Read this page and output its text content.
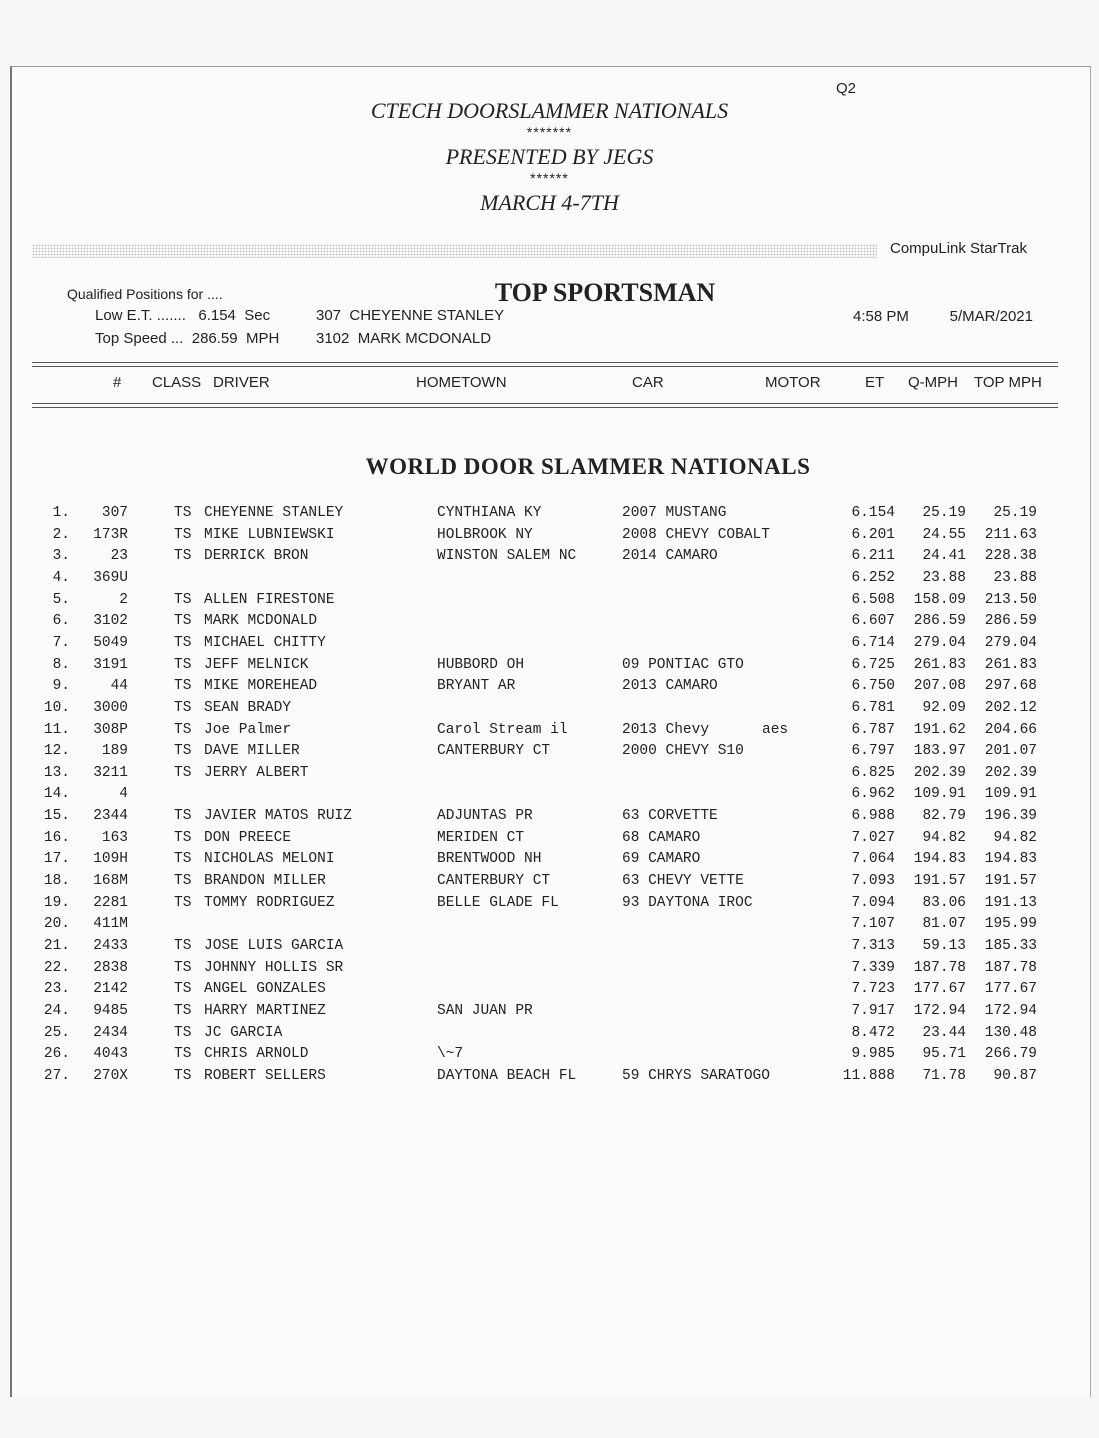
Q2
CTECH DOORSLAMMER NATIONALS
*******
PRESENTED BY JEGS
******
MARCH 4-7TH
CompuLink StarTrak
TOP SPORTSMAN
Qualified Positions for ....
Low E.T. .......   6.154  Sec	307  CHEYENNE STANLEY
Top Speed ...  286.59  MPH 3102  MARK MCDONALD
4:58 PM	5/MAR/2021
# CLASS DRIVER	HOMETOWN	CAR	MOTOR	ET Q-MPH TOP MPH
WORLD DOOR SLAMMER NATIONALS
1.	307	TS CHEYENNE STANLEY	CYNTHIANA KY	2007 MUSTANG	6.154	25.19	25.19
2.	173R	TS MIKE LUBNIEWSKI	HOLBROOK NY	2008 CHEVY COBALT	6.201	24.55	211.63
3.	23	TS DERRICK BRON	WINSTON SALEM NC	2014 CAMARO	6.211	24.41	228.38
4.	369U	6.252	23.88	23.88
5.	2	TS ALLEN FIRESTONE	6.508	158.09	213.50
6.	3102	TS MARK MCDONALD	6.607	286.59	286.59
7.	5049	TS MICHAEL CHITTY	6.714	279.04	279.04
8.	3191	TS JEFF MELNICK	HUBBORD OH	09 PONTIAC GTO	6.725	261.83	261.83
9.	44	TS MIKE MOREHEAD	BRYANT AR	2013 CAMARO	6.750	207.08	297.68
10.	3000	TS SEAN BRADY	6.781	92.09	202.12
11.	308P	TS Joe Palmer	Carol Stream il	2013 Chevy	aes	6.787	191.62	204.66
12.	189	TS DAVE MILLER	CANTERBURY CT	2000 CHEVY S10	6.797	183.97	201.07
13.	3211	TS JERRY ALBERT	6.825	202.39	202.39
14.	4	6.962	109.91	109.91
15.	2344	TS JAVIER MATOS RUIZ	ADJUNTAS PR	63 CORVETTE	6.988	82.79	196.39
16.	163	TS DON PREECE	MERIDEN CT	68 CAMARO	7.027	94.82	94.82
17.	109H	TS NICHOLAS MELONI	BRENTWOOD NH	69 CAMARO	7.064	194.83	194.83
18.	168M	TS BRANDON MILLER	CANTERBURY CT	63 CHEVY VETTE	7.093	191.57	191.57
19.	2281	TS TOMMY RODRIGUEZ	BELLE GLADE FL	93 DAYTONA IROC	7.094	83.06	191.13
20.	411M	7.107	81.07	195.99
21.	2433	TS JOSE LUIS GARCIA	7.313	59.13	185.33
22.	2838	TS JOHNNY HOLLIS SR	7.339	187.78	187.78
23.	2142	TS ANGEL GONZALES	7.723	177.67	177.67
24.	9485	TS HARRY MARTINEZ	SAN JUAN PR	7.917	172.94	172.94
25.	2434	TS JC GARCIA	8.472	23.44	130.48
26.	4043	TS CHRIS ARNOLD	\~7	9.985	95.71	266.79
27.	270X	TS ROBERT SELLERS	DAYTONA BEACH FL	59 CHRYS SARATOGO	11.888	71.78	90.87
